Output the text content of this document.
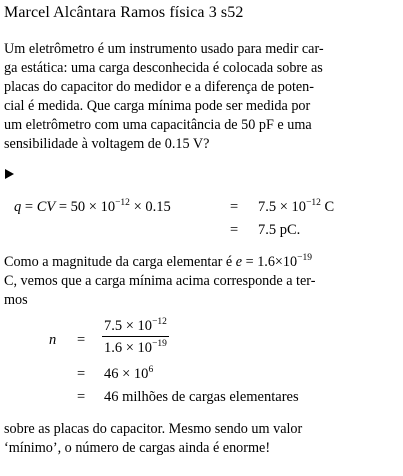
Marcel Alcântara Ramos física 3 s52

Um eletrômetro é um instrumento usado para medir car-
ga estática: uma carga desconhecida é colocada sobre as
placas do capacitor do medidor e a diferença de poten-
cial é medida. Que carga mínima pode ser medida por
um eletrômetro com uma capacitância de 50 pF e uma
sensibilidade à voltagem de 0.15 V?

q = CV = $50 \times 10^{-12} \times 0.15$	= $7.5 \times 10^{-12}$ C
= 7.5 pC.
Como a magnitude da carga elementar é $e = 1.6\times 10^{-19}$
C, vemos que a carga mínima acima corresponde a ter-
mos
n =
$7.5 \times 10^{-12}$
$1.6 \times 10^{-19}$
= $46 \times 10^6$
= 46 milhões de cargas elementares
sobre as placas do capacitor. Mesmo sendo um valor
‘mínimo’, o número de cargas ainda é enorme!
